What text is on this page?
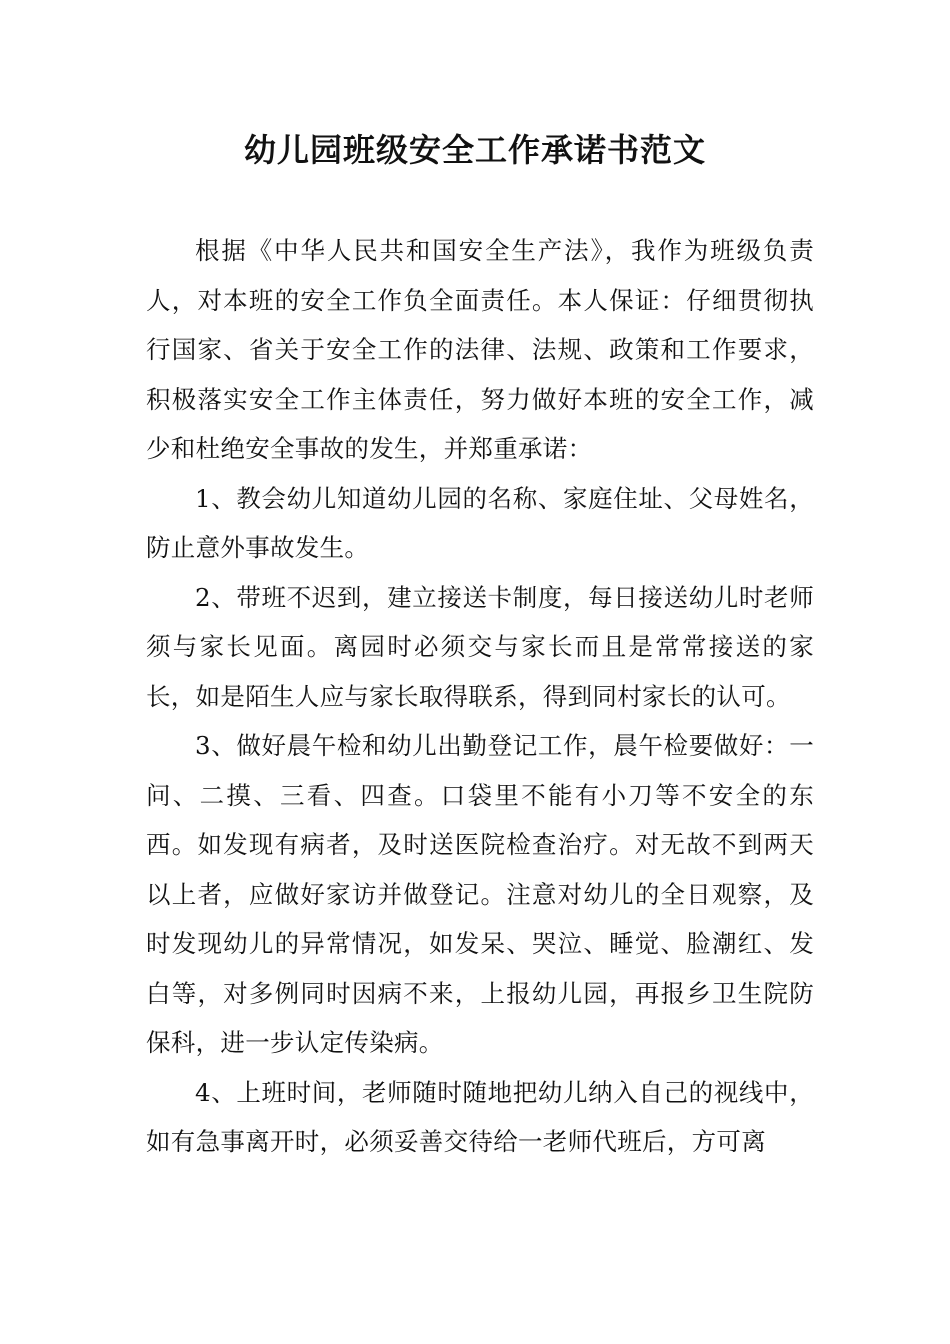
幼儿园班级安全工作承诺书范文

根据《中华人民共和国安全生产法》，我作为班级负责人，对本班的安全工作负全面责任。本人保证：仔细贯彻执行国家、省关于安全工作的法律、法规、政策和工作要求，积极落实安全工作主体责任，努力做好本班的安全工作，减少和杜绝安全事故的发生，并郑重承诺：

1、教会幼儿知道幼儿园的名称、家庭住址、父母姓名，防止意外事故发生。

2、带班不迟到，建立接送卡制度，每日接送幼儿时老师须与家长见面。离园时必须交与家长而且是常常接送的家长，如是陌生人应与家长取得联系，得到同村家长的认可。

3、做好晨午检和幼儿出勤登记工作，晨午检要做好：一问、二摸、三看、四查。口袋里不能有小刀等不安全的东西。如发现有病者，及时送医院检查治疗。对无故不到两天以上者，应做好家访并做登记。注意对幼儿的全日观察，及时发现幼儿的异常情况，如发呆、哭泣、睡觉、脸潮红、发白等，对多例同时因病不来，上报幼儿园，再报乡卫生院防保科，进一步认定传染病。

4、上班时间，老师随时随地把幼儿纳入自己的视线中，如有急事离开时，必须妥善交待给一老师代班后，方可离
